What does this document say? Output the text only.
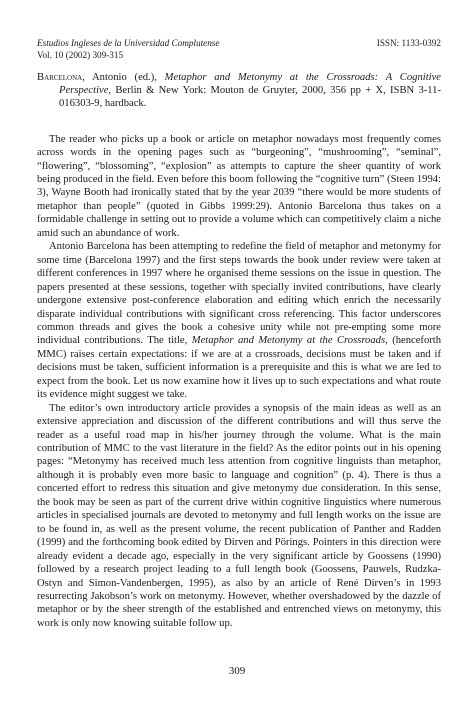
Estudios Ingleses de la Universidad Complutense
Vol. 10 (2002) 309-315
ISSN: 1133-0392
Barcelona, Antonio (ed.), Metaphor and Metonymy at the Crossroads: A Cognitive Perspective, Berlin & New York: Mouton de Gruyter, 2000, 356 pp + X, ISBN 3-11-016303-9, hardback.

The reader who picks up a book or article on metaphor nowadays most frequently comes across words in the opening pages such as “burgeoning”, “mushrooming”, “seminal”, “flowering”, “blossoming”, “explosion” as attempts to capture the sheer quantity of work being produced in the field. Even before this boom following the “cognitive turn” (Steen 1994: 3), Wayne Booth had ironically stated that by the year 2039 “there would be more students of metaphor than people” (quoted in Gibbs 1999:29). Antonio Barcelona thus takes on a formidable challenge in setting out to provide a volume which can competitively claim a niche amid such an abundance of work.

Antonio Barcelona has been attempting to redefine the field of metaphor and metonymy for some time (Barcelona 1997) and the first steps towards the book under review were taken at different conferences in 1997 where he organised theme sessions on the issue in question. The papers presented at these sessions, together with specially invited contributions, have clearly undergone extensive post-conference elaboration and editing which enrich the necessarily disparate individual contributions with significant cross referencing. This factor underscores common threads and gives the book a cohesive unity while not pre-empting some more individual contributions. The title, Metaphor and Metonymy at the Crossroads, (henceforth MMC) raises certain expectations: if we are at a crossroads, decisions must be taken and if decisions must be taken, sufficient information is a prerequisite and this is what we are led to expect from the book. Let us now examine how it lives up to such expectations and what route its evidence might suggest we take.

The editor’s own introductory article provides a synopsis of the main ideas as well as an extensive appreciation and discussion of the different contributions and will thus serve the reader as a useful road map in his/her journey through the volume. What is the main contribution of MMC to the vast literature in the field? As the editor points out in his opening pages: “Metonymy has received much less attention from cognitive linguists than metaphor, although it is probably even more basic to language and cognition” (p. 4). There is thus a concerted effort to redress this situation and give metonymy due consideration. In this sense, the book may be seen as part of the current drive within cognitive linguistics where numerous articles in specialised journals are devoted to metonymy and full length works on the issue are to be found in, as well as the present volume, the recent publication of Panther and Radden (1999) and the forthcoming book edited by Dirven and Pörings. Pointers in this direction were already evident a decade ago, especially in the very significant article by Goossens (1990) followed by a research project leading to a full length book (Goossens, Pauwels, Rudzka-Ostyn and Simon-Vandenbergen, 1995), as also by an article of René Dirven’s in 1993 resurrecting Jakobson’s work on metonymy. However, whether overshadowed by the dazzle of metaphor or by the sheer strength of the established and entrenched views on metonymy, this work is only now knowing suitable follow up.

309
